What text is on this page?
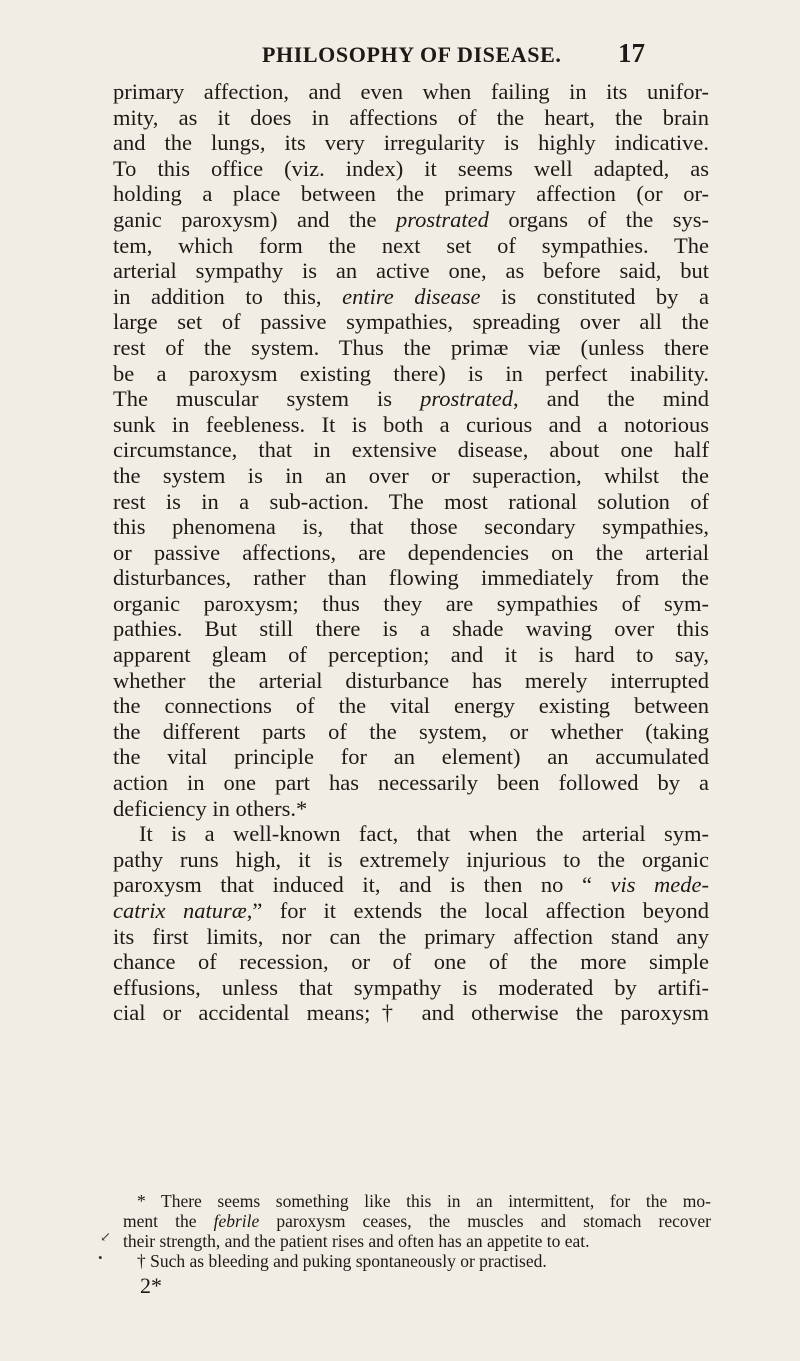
PHILOSOPHY OF DISEASE. 17
primary affection, and even when failing in its unifor-
mity, as it does in affections of the heart, the brain
and the lungs, its very irregularity is highly indicative.
To this office (viz. index) it seems well adapted, as
holding a place between the primary affection (or or-
ganic paroxysm) and the prostrated organs of the sys-
tem, which form the next set of sympathies. The
arterial sympathy is an active one, as before said, but
in addition to this, entire disease is constituted by a
large set of passive sympathies, spreading over all the
rest of the system. Thus the primæ viæ (unless there
be a paroxysm existing there) is in perfect inability.
The muscular system is prostrated, and the mind
sunk in feebleness. It is both a curious and a notorious
circumstance, that in extensive disease, about one half
the system is in an over or superaction, whilst the
rest is in a sub-action. The most rational solution of
this phenomena is, that those secondary sympathies,
or passive affections, are dependencies on the arterial
disturbances, rather than flowing immediately from the
organic paroxysm; thus they are sympathies of sym-
pathies. But still there is a shade waving over this
apparent gleam of perception; and it is hard to say,
whether the arterial disturbance has merely interrupted
the connections of the vital energy existing between
the different parts of the system, or whether (taking
the vital principle for an element) an accumulated
action in one part has necessarily been followed by a
deficiency in others.*
It is a well-known fact, that when the arterial sym-
pathy runs high, it is extremely injurious to the organic
paroxysm that induced it, and is then no “ vis mede-
catrix naturæ,” for it extends the local affection beyond
its first limits, nor can the primary affection stand any
chance of recession, or of one of the more simple
effusions, unless that sympathy is moderated by artifi-
cial or accidental means;† and otherwise the paroxysm
* There seems something like this in an intermittent, for the mo-
ment the febrile paroxysm ceases, the muscles and stomach recover
their strength, and the patient rises and often has an appetite to eat.
† Such as bleeding and puking spontaneously or practised.
2*
↙
•
